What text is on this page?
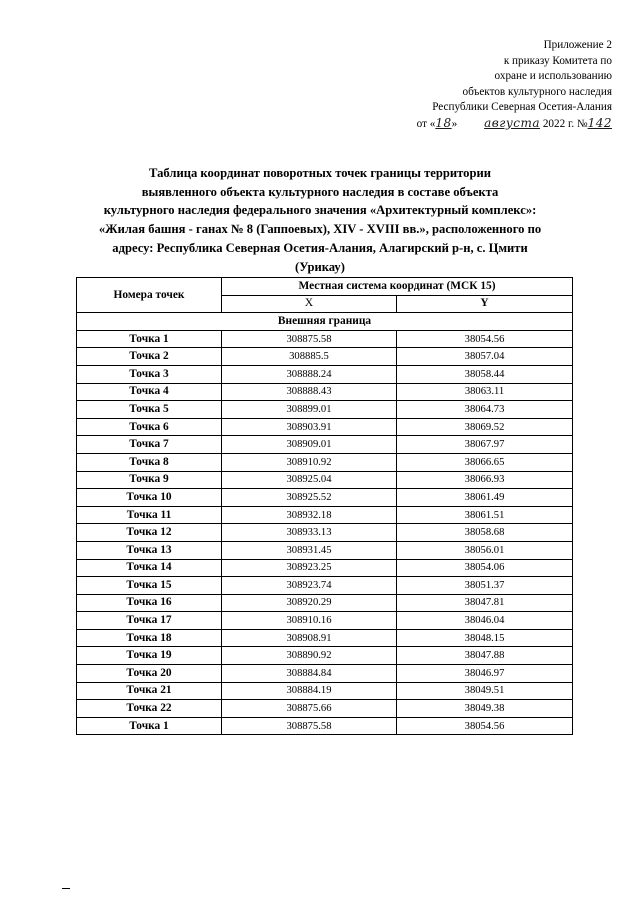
Приложение 2
к приказу Комитета по
охране и использованию
объектов культурного наследия
Республики Северная Осетия-Алания
от «18» августа 2022 г. №142
Таблица координат поворотных точек границы территории
выявленного объекта культурного наследия в составе объекта
культурного наследия федерального значения «Архитектурный комплекс»:
«Жилая башня - ганах № 8 (Гаппоевых), XIV - XVIII вв.», расположенного по
адресу: Республика Северная Осетия-Алания, Алагирский р-н, с. Цмити
(Урикау)
Номера точек	Местная система координат (МСК 15)	
	X	Y
Внешняя граница		
Точка 1	308875.58	38054.56
Точка 2	308885.5	38057.04
Точка 3	308888.24	38058.44
Точка 4	308888.43	38063.11
Точка 5	308899.01	38064.73
Точка 6	308903.91	38069.52
Точка 7	308909.01	38067.97
Точка 8	308910.92	38066.65
Точка 9	308925.04	38066.93
Точка 10	308925.52	38061.49
Точка 11	308932.18	38061.51
Точка 12	308933.13	38058.68
Точка 13	308931.45	38056.01
Точка 14	308923.25	38054.06
Точка 15	308923.74	38051.37
Точка 16	308920.29	38047.81
Точка 17	308910.16	38046.04
Точка 18	308908.91	38048.15
Точка 19	308890.92	38047.88
Точка 20	308884.84	38046.97
Точка 21	308884.19	38049.51
Точка 22	308875.66	38049.38
Точка 1	308875.58	38054.56
